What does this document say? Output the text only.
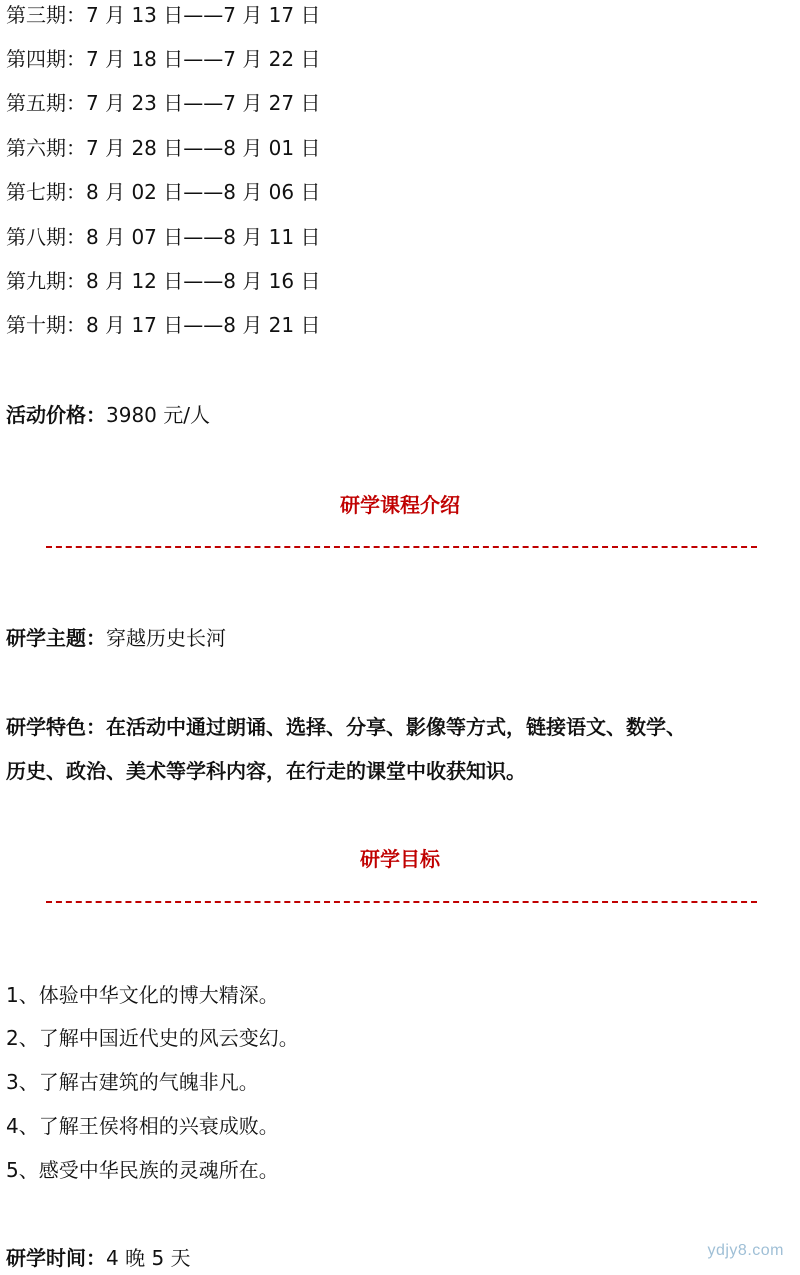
第三期：7 月 13 日——7 月 17 日
第四期：7 月 18 日——7 月 22 日
第五期：7 月 23 日——7 月 27 日
第六期：7 月 28 日——8 月 01 日
第七期：8 月 02 日——8 月 06 日
第八期：8 月 07 日——8 月 11 日
第九期：8 月 12 日——8 月 16 日
第十期：8 月 17 日——8 月 21 日
活动价格：3980 元/人
研学课程介绍
研学主题：穿越历史长河
研学特色：在活动中通过朗诵、选择、分享、影像等方式，链接语文、数学、
历史、政治、美术等学科内容，在行走的课堂中收获知识。
研学目标
1、体验中华文化的博大精深。
2、了解中国近代史的风云变幻。
3、了解古建筑的气魄非凡。
4、了解王侯将相的兴衰成败。
5、感受中华民族的灵魂所在。
研学时间：4 晚 5 天	ydjy8.com
